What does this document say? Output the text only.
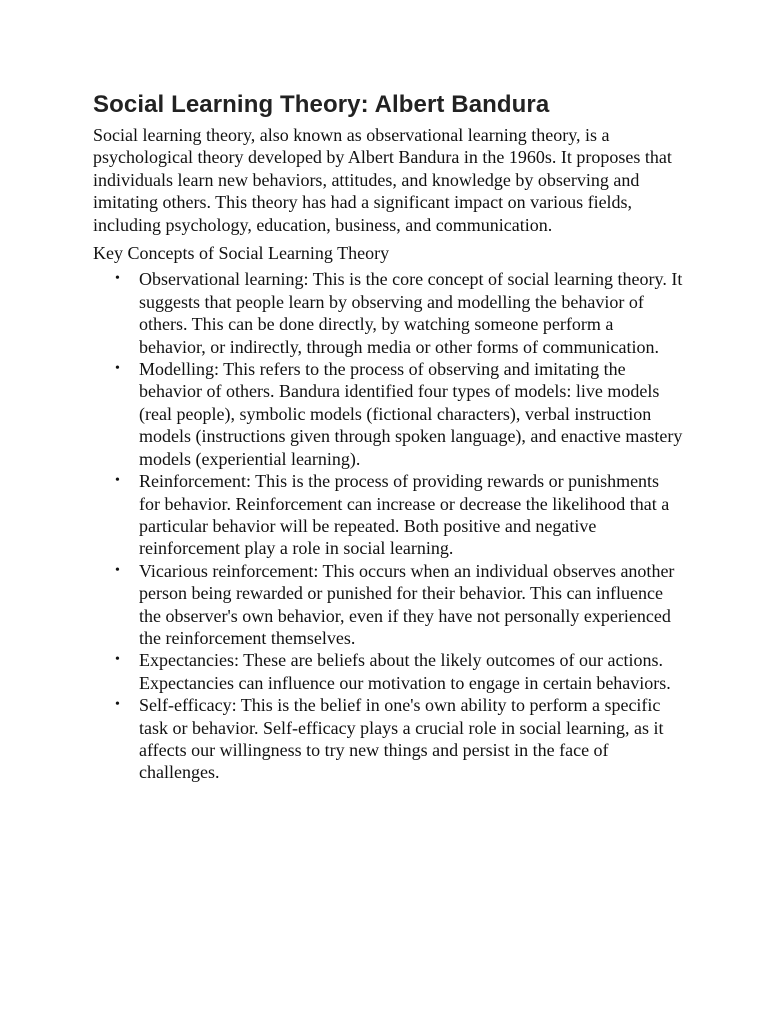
Social Learning Theory: Albert Bandura

Social learning theory, also known as observational learning theory, is a psychological theory developed by Albert Bandura in the 1960s. It proposes that individuals learn new behaviors, attitudes, and knowledge by observing and imitating others. This theory has had a significant impact on various fields, including psychology, education, business, and communication.

Key Concepts of Social Learning Theory

• Observational learning: This is the core concept of social learning theory. It suggests that people learn by observing and modelling the behavior of others. This can be done directly, by watching someone perform a behavior, or indirectly, through media or other forms of communication.
• Modelling: This refers to the process of observing and imitating the behavior of others. Bandura identified four types of models: live models (real people), symbolic models (fictional characters), verbal instruction models (instructions given through spoken language), and enactive mastery models (experiential learning).
• Reinforcement: This is the process of providing rewards or punishments for behavior. Reinforcement can increase or decrease the likelihood that a particular behavior will be repeated. Both positive and negative reinforcement play a role in social learning.
• Vicarious reinforcement: This occurs when an individual observes another person being rewarded or punished for their behavior. This can influence the observer's own behavior, even if they have not personally experienced the reinforcement themselves.
• Expectancies: These are beliefs about the likely outcomes of our actions. Expectancies can influence our motivation to engage in certain behaviors.
• Self-efficacy: This is the belief in one's own ability to perform a specific task or behavior. Self-efficacy plays a crucial role in social learning, as it affects our willingness to try new things and persist in the face of challenges.
